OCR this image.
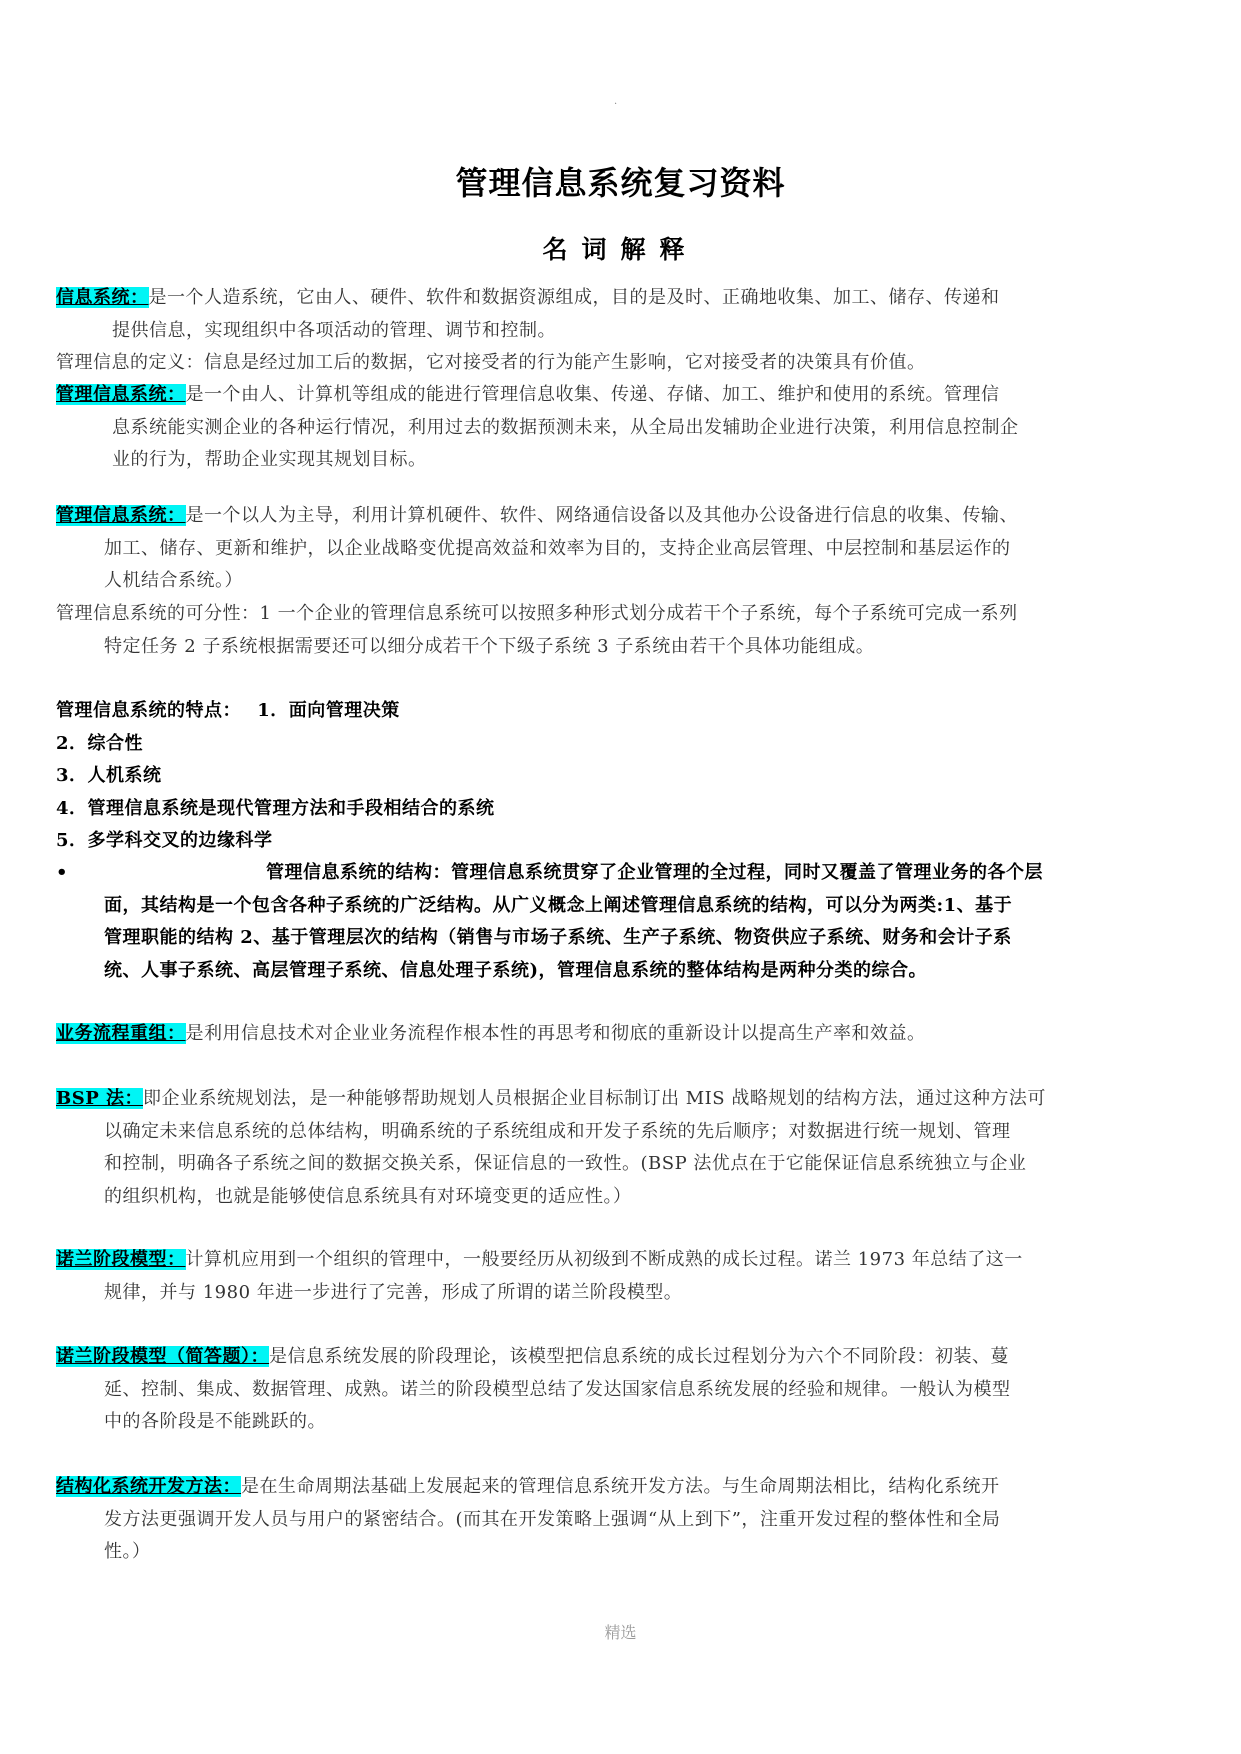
.
管理信息系统复习资料
名词解释
信息系统：是一个人造系统，它由人、硬件、软件和数据资源组成，目的是及时、正确地收集、加工、储存、传递和
提供信息，实现组织中各项活动的管理、调节和控制。
管理信息的定义：信息是经过加工后的数据，它对接受者的行为能产生影响，它对接受者的决策具有价值。
管理信息系统：是一个由人、计算机等组成的能进行管理信息收集、传递、存储、加工、维护和使用的系统。管理信
息系统能实测企业的各种运行情况，利用过去的数据预测未来，从全局出发辅助企业进行决策，利用信息控制企
业的行为，帮助企业实现其规划目标。
管理信息系统：是一个以人为主导，利用计算机硬件、软件、网络通信设备以及其他办公设备进行信息的收集、传输、
加工、储存、更新和维护，以企业战略变优提高效益和效率为目的，支持企业高层管理、中层控制和基层运作的
人机结合系统。）
管理信息系统的可分性：1 一个企业的管理信息系统可以按照多种形式划分成若干个子系统，每个子系统可完成一系列
特定任务 2 子系统根据需要还可以细分成若干个下级子系统 3 子系统由若干个具体功能组成。
管理信息系统的特点：　 1．面向管理决策
2．综合性
3．人机系统
4．管理信息系统是现代管理方法和手段相结合的系统
5．多学科交叉的边缘科学
•	管理信息系统的结构：管理信息系统贯穿了企业管理的全过程，同时又覆盖了管理业务的各个层
面，其结构是一个包含各种子系统的广泛结构。从广义概念上阐述管理信息系统的结构，可以分为两类:1、基于
管理职能的结构 2、基于管理层次的结构（销售与市场子系统、生产子系统、物资供应子系统、财务和会计子系
统、人事子系统、高层管理子系统、信息处理子系统)，管理信息系统的整体结构是两种分类的综合。
业务流程重组：是利用信息技术对企业业务流程作根本性的再思考和彻底的重新设计以提高生产率和效益。
BSP 法：即企业系统规划法，是一种能够帮助规划人员根据企业目标制订出 MIS 战略规划的结构方法，通过这种方法可
以确定未来信息系统的总体结构，明确系统的子系统组成和开发子系统的先后顺序；对数据进行统一规划、管理
和控制，明确各子系统之间的数据交换关系，保证信息的一致性。(BSP 法优点在于它能保证信息系统独立与企业
的组织机构，也就是能够使信息系统具有对环境变更的适应性。）
诺兰阶段模型：计算机应用到一个组织的管理中，一般要经历从初级到不断成熟的成长过程。诺兰 1973 年总结了这一
规律，并与 1980 年进一步进行了完善，形成了所谓的诺兰阶段模型。
诺兰阶段模型（简答题）：是信息系统发展的阶段理论，该模型把信息系统的成长过程划分为六个不同阶段：初装、蔓
延、控制、集成、数据管理、成熟。诺兰的阶段模型总结了发达国家信息系统发展的经验和规律。一般认为模型
中的各阶段是不能跳跃的。
结构化系统开发方法：是在生命周期法基础上发展起来的管理信息系统开发方法。与生命周期法相比，结构化系统开
发方法更强调开发人员与用户的紧密结合。(而其在开发策略上强调“从上到下”，注重开发过程的整体性和全局
性。）
精选
